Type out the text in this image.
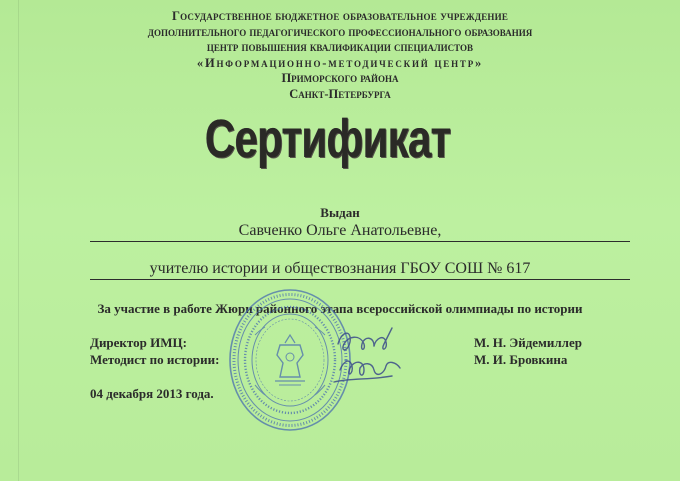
Государственное бюджетное образовательное учреждение
дополнительного педагогического профессионального образования
центр повышения квалификации специалистов
«Информационно-методический центр»
Приморского района
Санкт-Петербурга
Сертификат
Выдан
Савченко Ольге Анатольевне,
учителю истории и обществознания ГБОУ СОШ № 617
За участие в работе Жюри районного этапа всероссийской олимпиады по истории
Директор ИМЦ:	М. Н. Эйдемиллер
Методист по истории:	М. И. Бровкина
04 декабря 2013 года.
